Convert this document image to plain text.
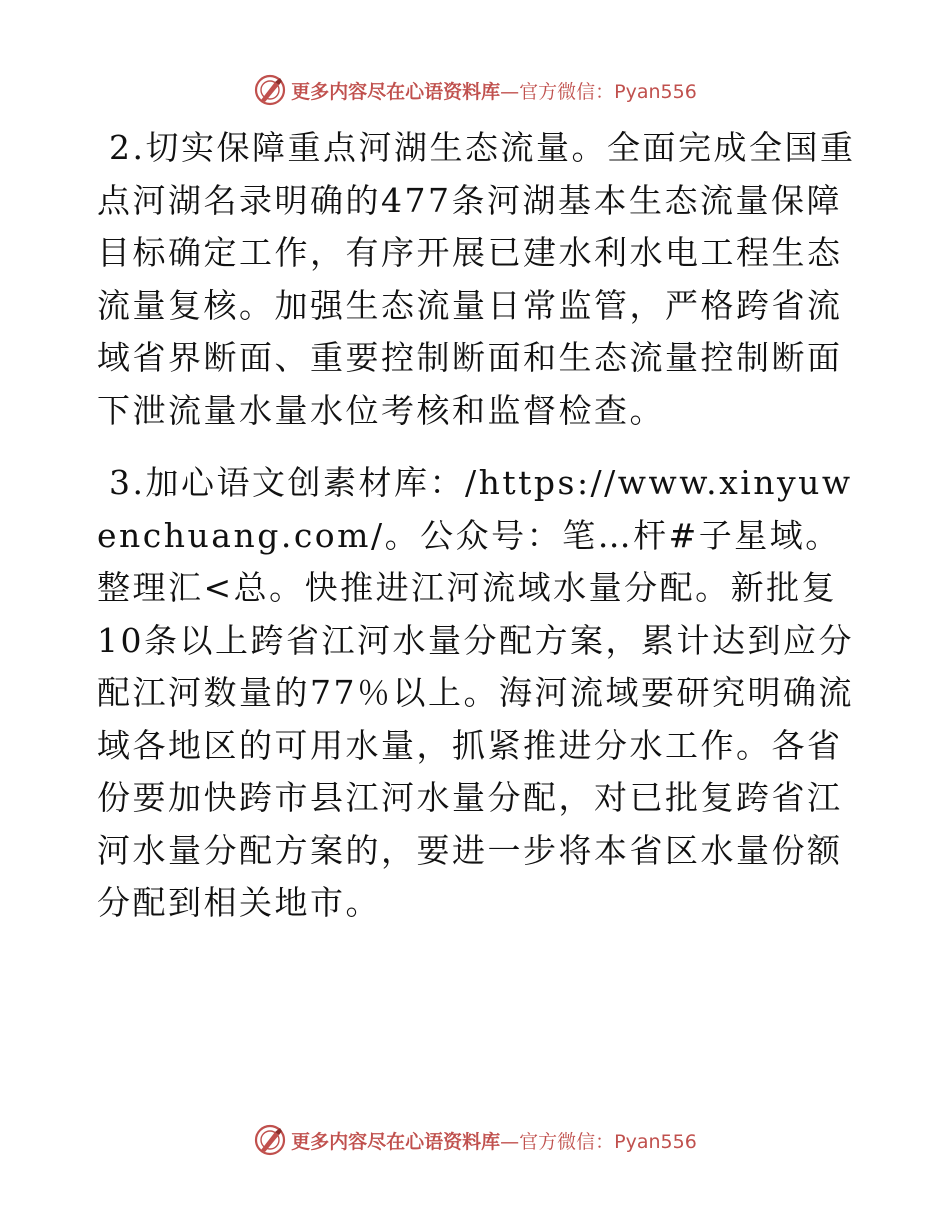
更多内容尽在心语资料库 —官方微信：Pyan556

2.切实保障重点河湖生态流量。全面完成全国重点河湖名录明确的477条河湖基本生态流量保障目标确定工作，有序开展已建水利水电工程生态流量复核。加强生态流量日常监管，严格跨省流域省界断面、重要控制断面和生态流量控制断面下泄流量水量水位考核和监督检查。

3.加心语文创素材库：/https://www.xinyuwenchuang.com/。公众号：笔…杆#子星域。整理汇<总。快推进江河流域水量分配。新批复10条以上跨省江河水量分配方案，累计达到应分配江河数量的77％以上。海河流域要研究明确流域各地区的可用水量，抓紧推进分水工作。各省份要加快跨市县江河水量分配，对已批复跨省江河水量分配方案的，要进一步将本省区水量份额分配到相关地市。

更多内容尽在心语资料库 —官方微信：Pyan556
